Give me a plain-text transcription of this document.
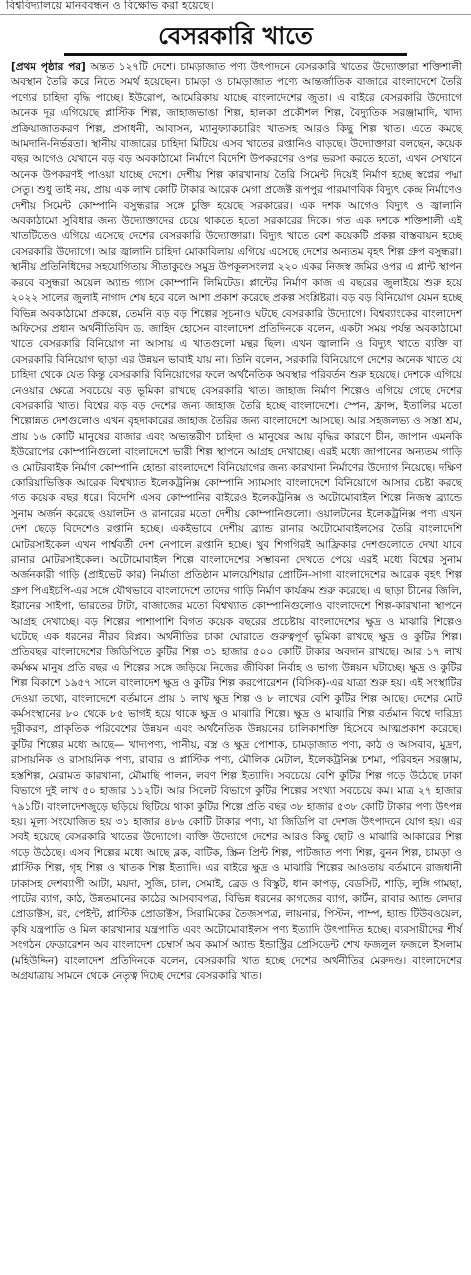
বিশ্ববিদ্যালয়ে মানববন্ধন ও বিক্ষোভ করা হয়েছে।
বেসরকারি খাতে

[প্রথম পৃষ্ঠার পর] অন্তত ১২৭টি দেশে। চামড়াজাত পণ্য উৎপাদনে বেসরকারি খাতের উদ্যোক্তারা শক্তিশালী অবস্থান তৈরি করে নিতে সমর্থ হয়েছেন। চামড়া ও চামড়াজাত পণ্যে আন্তর্জাতিক বাজারে বাংলাদেশে তৈরি পণ্যের চাহিদা বৃদ্ধি পাচ্ছে। ইউরোপ, আমেরিকায় যাচ্ছে বাংলাদেশের জুতা। এ বাইরে বেসরকারি উদ্যোগে অনেক দূর এগিয়েছে প্লাস্টিক শিল্প, জাহাজভাঙা শিল্প, হালকা প্রকৌশল শিল্প, বৈদ্যুতিক সরঞ্জামাদি, খাদ্য প্রক্রিয়াজাতকরণ শিল্প, প্রসাধনী, আবাসন, ম্যানুফ্যাকচারিং খাতসহ আরও কিছু শিল্প খাত। এতে কমছে আমদানি-নির্ভরতা। স্থানীয় বাজারের চাহিদা মিটিয়ে এসব খাতের রপ্তানিও বাড়ছে। উদ্যোক্তারা বলছেন, কয়েক বছর আগেও যেখানে বড় বড় অবকাঠামো নির্মাণে বিদেশি উপকরণের ওপর ভরসা করতে হতো, এখন সেখানে অনেক উপকরণই পাওয়া যাচ্ছে দেশে। দেশীয় শিল্প কারখানায় তৈরি সিমেন্ট দিয়েই নির্মাণ হচ্ছে স্বপ্নের পদ্মা সেতু। শুধু তাই নয়, প্রায় এক লাখ কোটি টাকার আরেক মেগা প্রজেক্ট রূপপুর পারমাণবিক বিদ্যুৎ কেন্দ্র নির্মাণেও দেশীয় সিমেন্ট কোম্পানি বসুন্ধরার সঙ্গে চুক্তি হয়েছে সরকারের। এক দশক আগেও বিদ্যুৎ ও জ্বালানি অবকাঠামো সুবিধার জন্য উদ্যোক্তাদের চেয়ে থাকতে হতো সরকারের দিকে। গত এক দশকে শক্তিশালী এই খাতটিতেও এগিয়ে এসেছে দেশের বেসরকারি উদ্যোক্তারা। বিদ্যুৎ খাতে বেশ কয়েকটি প্রকল্প বাস্তবায়ন হচ্ছে বেসরকারি উদ্যোগে। আর জ্বালানি চাহিদা মোকাবিলায় এগিয়ে এসেছে দেশের অন্যতম বৃহৎ শিল্প গ্রুপ বসুন্ধরা। স্থানীয় প্রতিনিধিদের সহযোগিতায় সীতাকুণ্ডে সমুদ্র উপকূলসংলগ্ন ২২০ একর নিজস্ব জমির ওপর এ প্লান্ট স্থাপন করবে বসুন্ধরা অয়েল অ্যান্ড গ্যাস কোম্পানি লিমিটেড। প্লান্টের নির্মাণ কাজ এ বছরের জুলাইয়ে শুরু হয়ে ২০২২ সালের জুলাই নাগাদ শেষ হবে বলে আশা প্রকাশ করেছে প্রকল্প সংশ্লিষ্টরা। বড় বড় বিনিয়োগ যেমন হচ্ছে বিভিন্ন অবকাঠামো প্রকল্পে, তেমনি বড় বড় শিল্পের সূচনাও ঘটছে বেসরকারি উদ্যোগে। বিশ্বব্যাংকের বাংলাদেশ অফিসের প্রধান অর্থনীতিবিদ ড. জাহিদ হোসেন বাংলাদেশ প্রতিদিনকে বলেন, একটা সময় পর্যন্ত অবকাঠামো খাতে বেসরকারি বিনিয়োগ না আসায় এ খাতগুলো মন্থর ছিল। এখন জ্বালানি ও বিদ্যুৎ খাতে ব্যক্তি বা বেসরকারি বিনিয়োগ ছাড়া এর উন্নয়ন ভাবাই যায় না। তিনি বলেন, সরকারি বিনিয়োগে দেশের অনেক খাতে যে চাহিদা থেকে যেত কিন্তু বেসরকারি বিনিয়োগের ফলে অর্থনৈতিক অবস্থার পরিবর্তন শুরু হয়েছে। দেশকে এগিয়ে নেওয়ার ক্ষেত্রে সবচেয়ে বড় ভূমিকা রাখছে বেসরকারি খাত। জাহাজ নির্মাণ শিল্পেও এগিয়ে গেছে দেশের বেসরকারি খাত। বিশ্বের বড় বড় দেশের জন্য জাহাজ তৈরি হচ্ছে বাংলাদেশে। স্পেন, ফ্রান্স, ইতালির মতো শিল্পোন্নত দেশগুলোও এখন বৃহদাকারের জাহাজ তৈরির জন্য বাংলাদেশে আসছে। আর সহজলভ্য ও সস্তা শ্রম, প্রায় ১৬ কোটি মানুষের বাজার এবং অভ্যন্তরীণ চাহিদা ও মানুষের আয় বৃদ্ধির কারণে চীন, জাপান এমনকি ইউরোপের কোম্পানিগুলো বাংলাদেশে ভারী শিল্প স্থাপনে আগ্রহ দেখাচ্ছে। এরই মধ্যে জাপানের অন্যতম গাড়ি ও মোটরবাইক নির্মাণ কোম্পানি হোন্ডা বাংলাদেশে বিনিয়োগের জন্য কারখানা নির্মাণের উদ্যোগ নিয়েছে। দক্ষিণ কোরিয়াভিত্তিক আরেক বিশ্বখ্যাত ইলেকট্রনিক্স কোম্পানি স্যামসাং বাংলাদেশে বিনিয়োগে আসার চেষ্টা করছে গত কয়েক বছর ধরে। বিদেশি এসব কোম্পানির বাইরেও ইলেকট্রনিক্স ও অটোমোবাইল শিল্পে নিজস্ব ব্র্যান্ডে সুনাম অর্জন করেছে ওয়ালটন ও রানারের মতো দেশীয় কোম্পানিগুলো। ওয়ালটনের ইলেকট্রনিক্স পণ্য এখন দেশ ছেড়ে বিদেশেও রপ্তানি হচ্ছে। একইভাবে দেশীয় ব্র্যান্ড রানার অটোমোবাইলসের তৈরি বাংলাদেশি মোটরসাইকেল এখন পার্শ্ববর্তী দেশ নেপালে রপ্তানি হচ্ছে। খুব শিগগিরই আফ্রিকার দেশগুলোতে দেখা যাবে রানার মোটরসাইকেল। অটোমোবাইল শিল্পে বাংলাদেশের সম্ভাবনা দেখতে পেয়ে এরই মধ্যে বিশ্বের সুনাম অর্জনকারী গাড়ি (প্রাইভেট কার) নির্মাতা প্রতিষ্ঠান মালয়েশিয়ার প্রোটিন-সাগা বাংলাদেশের আরেক বৃহৎ শিল্প গ্রুপ পিএইচপি-এর সঙ্গে যৌথভাবে বাংলাদেশে তাদের গাড়ি নির্মাণ কার্যক্রম শুরু করেছে। এ ছাড়া চীনের জিলি, ইরানের সাইপা, ভারতের টাটা, বাজাজের মতো বিশ্বখ্যাত কোম্পানিগুলোও বাংলাদেশে শিল্প-কারখানা স্থাপনে আগ্রহ দেখাচ্ছে। বড় শিল্পের পাশাপাশি বিগত কয়েক বছরের প্রচেষ্টায় বাংলাদেশের ক্ষুদ্র ও মাঝারি শিল্পেও ঘটেছে এক ধরনের নীরব বিপ্লব। অর্থনীতির চাকা ঘোরাতে গুরুত্বপূর্ণ ভূমিকা রাখছে ক্ষুদ্র ও কুটির শিল্প। প্রতিবছর বাংলাদেশের জিডিপিতে কুটির শিল্প ৩১ হাজার ৫০০ কোটি টাকার অবদান রাখছে। আর ১৭ লাখ কর্মক্ষম মানুষ প্রতি বছর এ শিল্পের সঙ্গে জড়িয়ে নিজের জীবিকা নির্বাহ ও ভাগ্য উন্নয়ন ঘটাচ্ছে। ক্ষুদ্র ও কুটির শিল্প বিকাশে ১৯৫৭ সালে বাংলাদেশ ক্ষুদ্র ও কুটির শিল্প করপোরেশন (বিসিক)-এর যাত্রা শুরু হয়। এই সংস্থাটির দেওয়া তথ্যে, বাংলাদেশে বর্তমানে প্রায় ১ লাখ ক্ষুদ্র শিল্প ও ৮ লাখের বেশি কুটির শিল্প আছে। দেশের মোট কর্মসংস্থানের ৮০ থেকে ৮৫ ভাগই হয়ে থাকে ক্ষুদ্র ও মাঝারি শিল্পে। ক্ষুদ্র ও মাঝারি শিল্প বর্তমান বিশ্বে দারিদ্র্য দূরীকরণ, প্রাকৃতিক পরিবেশের উন্নয়ন এবং অর্থনৈতিক উন্নয়নের চালিকাশক্তি হিসেবে আত্মপ্রকাশ করেছে। কুটির শিল্পের মধ্যে আছে— খাদ্যপণ্য, পানীয়, বস্ত্র ও ক্ষুদ্র পোশাক, চামড়াজাত পণ্য, কাঠ ও আসবাব, মুদ্রণ, রাসায়নিক ও রাসায়নিক পণ্য, রাবার ও প্লাস্টিক পণ্য, মৌলিক মেটাল, ইলেকট্রনিক্স চশমা, পরিবহন সরঞ্জাম, হস্তশিল্প, মেরামত কারখানা, মৌমাছি পালন, লবণ শিল্প ইত্যাদি। সবচেয়ে বেশি কুটির শিল্প গড়ে উঠেছে ঢাকা বিভাগে দুই লাখ ৫০ হাজার ১১২টি। আর সিলেট বিভাগে কুটির শিল্পের সংখ্যা সবচেয়ে কম। মাত্র ২৭ হাজার ৭৯১টি। বাংলাদেশজুড়ে ছড়িয়ে ছিটিয়ে থাকা কুটির শিল্পে প্রতি বছর ৩৮ হাজার ৫৩৮ কোটি টাকার পণ্য উৎপন্ন হয়। মূল্য সংযোজিত হয় ৩১ হাজার ৪৮৬ কোটি টাকার পণ্য, যা জিডিপি বা দেশজ উৎপাদনে যোগ হয়। এর সবই হয়েছে বেসরকারি খাতের উদ্যোগে। ব্যক্তি উদ্যোগে দেশের আরও কিছু ছোট ও মাঝারি আকারের শিল্প গড়ে উঠেছে। এসব শিল্পের মধ্যে আছে ব্লক, বাটিক, স্ক্রিন প্রিন্ট শিল্প, পাটজাত পণ্য শিল্প, বুনন শিল্প, চামড়া ও প্লাস্টিক শিল্প, গৃহ শিল্প ও খাতক শিল্প ইত্যাদি। এর বাইরে ক্ষুদ্র ও মাঝারি শিল্পের আওতায় বর্তমানে রাজধানী ঢাকাসহ দেশব্যাপী আটা, ময়দা, সুজি, চাল, সেমাই, ব্রেড ও বিস্কুট, ধান কাপড়, বেডসিট, শাড়ি, লুঙ্গি গামছা, পাটের ব্যাগ, কাঠ, উন্নতমানের কাঠের আসবাবপত্র, বিভিন্ন ধরনের কাগজের ব্যাগ, কার্টন, রাবার অ্যান্ড লেদার প্রোডাক্টস, রং, পেইন্ট, প্লাস্টিক প্রোডাক্টস, সিরামিকের তৈজসপত্র, লায়নার, পিস্টন, পাম্প, হ্যান্ড টিউবওয়েল, কৃষি যন্ত্রপাতি ও মিল কারখানার যন্ত্রপাতি এবং অটোমোবাইলস পণ্য ইত্যাদি উৎপাদিত হচ্ছে। ব্যবসায়ীদের শীর্ষ সংগঠন ফেডারেশন অব বাংলাদেশ চেম্বার্স অব কমার্স অ্যান্ড ইন্ডাস্ট্রির প্রেসিডেন্ট শেখ ফজলুল ফজলে ইসলাম (মহিউদ্দিন) বাংলাদেশ প্রতিদিনকে বলেন, বেসরকারি খাত হচ্ছে দেশের অর্থনীতির মেরুদণ্ড। বাংলাদেশের অগ্রযাত্রায় সামনে থেকে নেতৃত্ব দিচ্ছে দেশের বেসরকারি খাত।
